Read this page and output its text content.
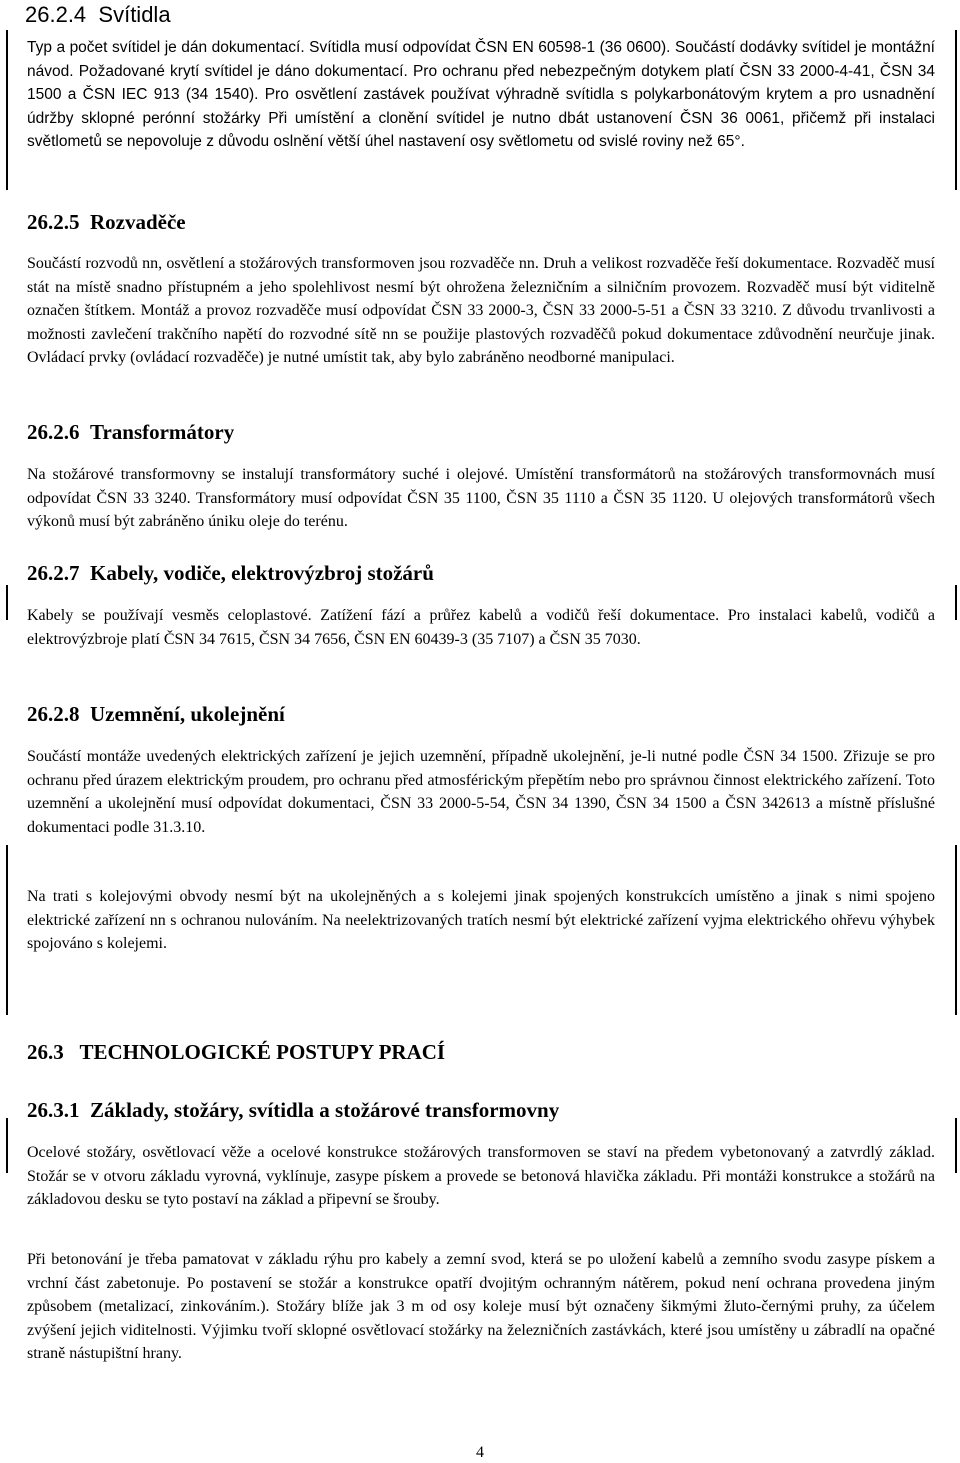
26.2.4 Svítidla

Typ a počet svítidel je dán dokumentací. Svítidla musí odpovídat ČSN EN 60598-1 (36 0600). Součástí dodávky svítidel je montážní návod. Požadované krytí svítidel je dáno dokumentací. Pro ochranu před nebezpečným dotykem platí ČSN 33 2000-4-41, ČSN 34 1500 a ČSN IEC 913 (34 1540). Pro osvětlení zastávek používat výhradně svítidla s polykarbonátovým krytem a pro usnadnění údržby sklopné perónní stožárky Při umístění a clonění svítidel je nutno dbát ustanovení ČSN 36 0061, přičemž při instalaci světlometů se nepovoluje z důvodu oslnění větší úhel nastavení osy světlometu od svislé roviny než 65°.

26.2.5 Rozvaděče

Součástí rozvodů nn, osvětlení a stožárových transformoven jsou rozvaděče nn. Druh a velikost rozvaděče řeší dokumentace. Rozvaděč musí stát na místě snadno přístupném a jeho spolehlivost nesmí být ohrožena železničním a silničním provozem. Rozvaděč musí být viditelně označen štítkem. Montáž a provoz rozvaděče musí odpovídat ČSN 33 2000-3, ČSN 33 2000-5-51 a ČSN 33 3210. Z důvodu trvanlivosti a možnosti zavlečení trakčního napětí do rozvodné sítě nn se použije plastových rozvaděčů pokud dokumentace zdůvodnění neurčuje jinak. Ovládací prvky (ovládací rozvaděče) je nutné umístit tak, aby bylo zabráněno neodborné manipulaci.

26.2.6 Transformátory

Na stožárové transformovny se instalují transformátory suché i olejové. Umístění transformátorů na stožárových transformovnách musí odpovídat ČSN 33 3240. Transformátory musí odpovídat ČSN 35 1100, ČSN 35 1110 a ČSN 35 1120. U olejových transformátorů všech výkonů musí být zabráněno úniku oleje do terénu.

26.2.7 Kabely, vodiče, elektrovýzbroj stožárů

Kabely se používají vesměs celoplastové. Zatížení fází a průřez kabelů a vodičů řeší dokumentace. Pro instalaci kabelů, vodičů a elektrovýzbroje platí ČSN 34 7615, ČSN 34 7656, ČSN EN 60439-3 (35 7107) a ČSN 35 7030.

26.2.8 Uzemnění, ukolejnění

Součástí montáže uvedených elektrických zařízení je jejich uzemnění, případně ukolejnění, je-li nutné podle ČSN 34 1500. Zřizuje se pro ochranu před úrazem elektrickým proudem, pro ochranu před atmosférickým přepětím nebo pro správnou činnost elektrického zařízení. Toto uzemnění a ukolejnění musí odpovídat dokumentaci, ČSN 33 2000-5-54, ČSN 34 1390, ČSN 34 1500 a ČSN 342613 a místně příslušné dokumentaci podle 31.3.10.

Na trati s kolejovými obvody nesmí být na ukolejněných a s kolejemi jinak spojených konstrukcích umístěno a jinak s nimi spojeno elektrické zařízení nn s ochranou nulováním. Na neelektrizovaných tratích nesmí být elektrické zařízení vyjma elektrického ohřevu výhybek spojováno s kolejemi.

26.3 TECHNOLOGICKÉ POSTUPY PRACÍ
26.3.1 Základy, stožáry, svítidla a stožárové transformovny

Ocelové stožáry, osvětlovací věže a ocelové konstrukce stožárových transformoven se staví na předem vybetonovaný a zatvrdlý základ. Stožár se v otvoru základu vyrovná, vyklínuje, zasype pískem a provede se betonová hlavička základu. Při montáži konstrukce a stožárů na základovou desku se tyto postaví na základ a připevní se šrouby.

Při betonování je třeba pamatovat v základu rýhu pro kabely a zemní svod, která se po uložení kabelů a zemního svodu zasype pískem a vrchní část zabetonuje. Po postavení se stožár a konstrukce opatří dvojitým ochranným nátěrem, pokud není ochrana provedena jiným způsobem (metalizací, zinkováním.). Stožáry blíže jak 3 m od osy koleje musí být označeny šikmými žluto-černými pruhy, za účelem zvýšení jejich viditelnosti. Výjimku tvoří sklopné osvětlovací stožárky na železničních zastávkách, které jsou umístěny u zábradlí na opačné straně nástupištní hrany.

4
